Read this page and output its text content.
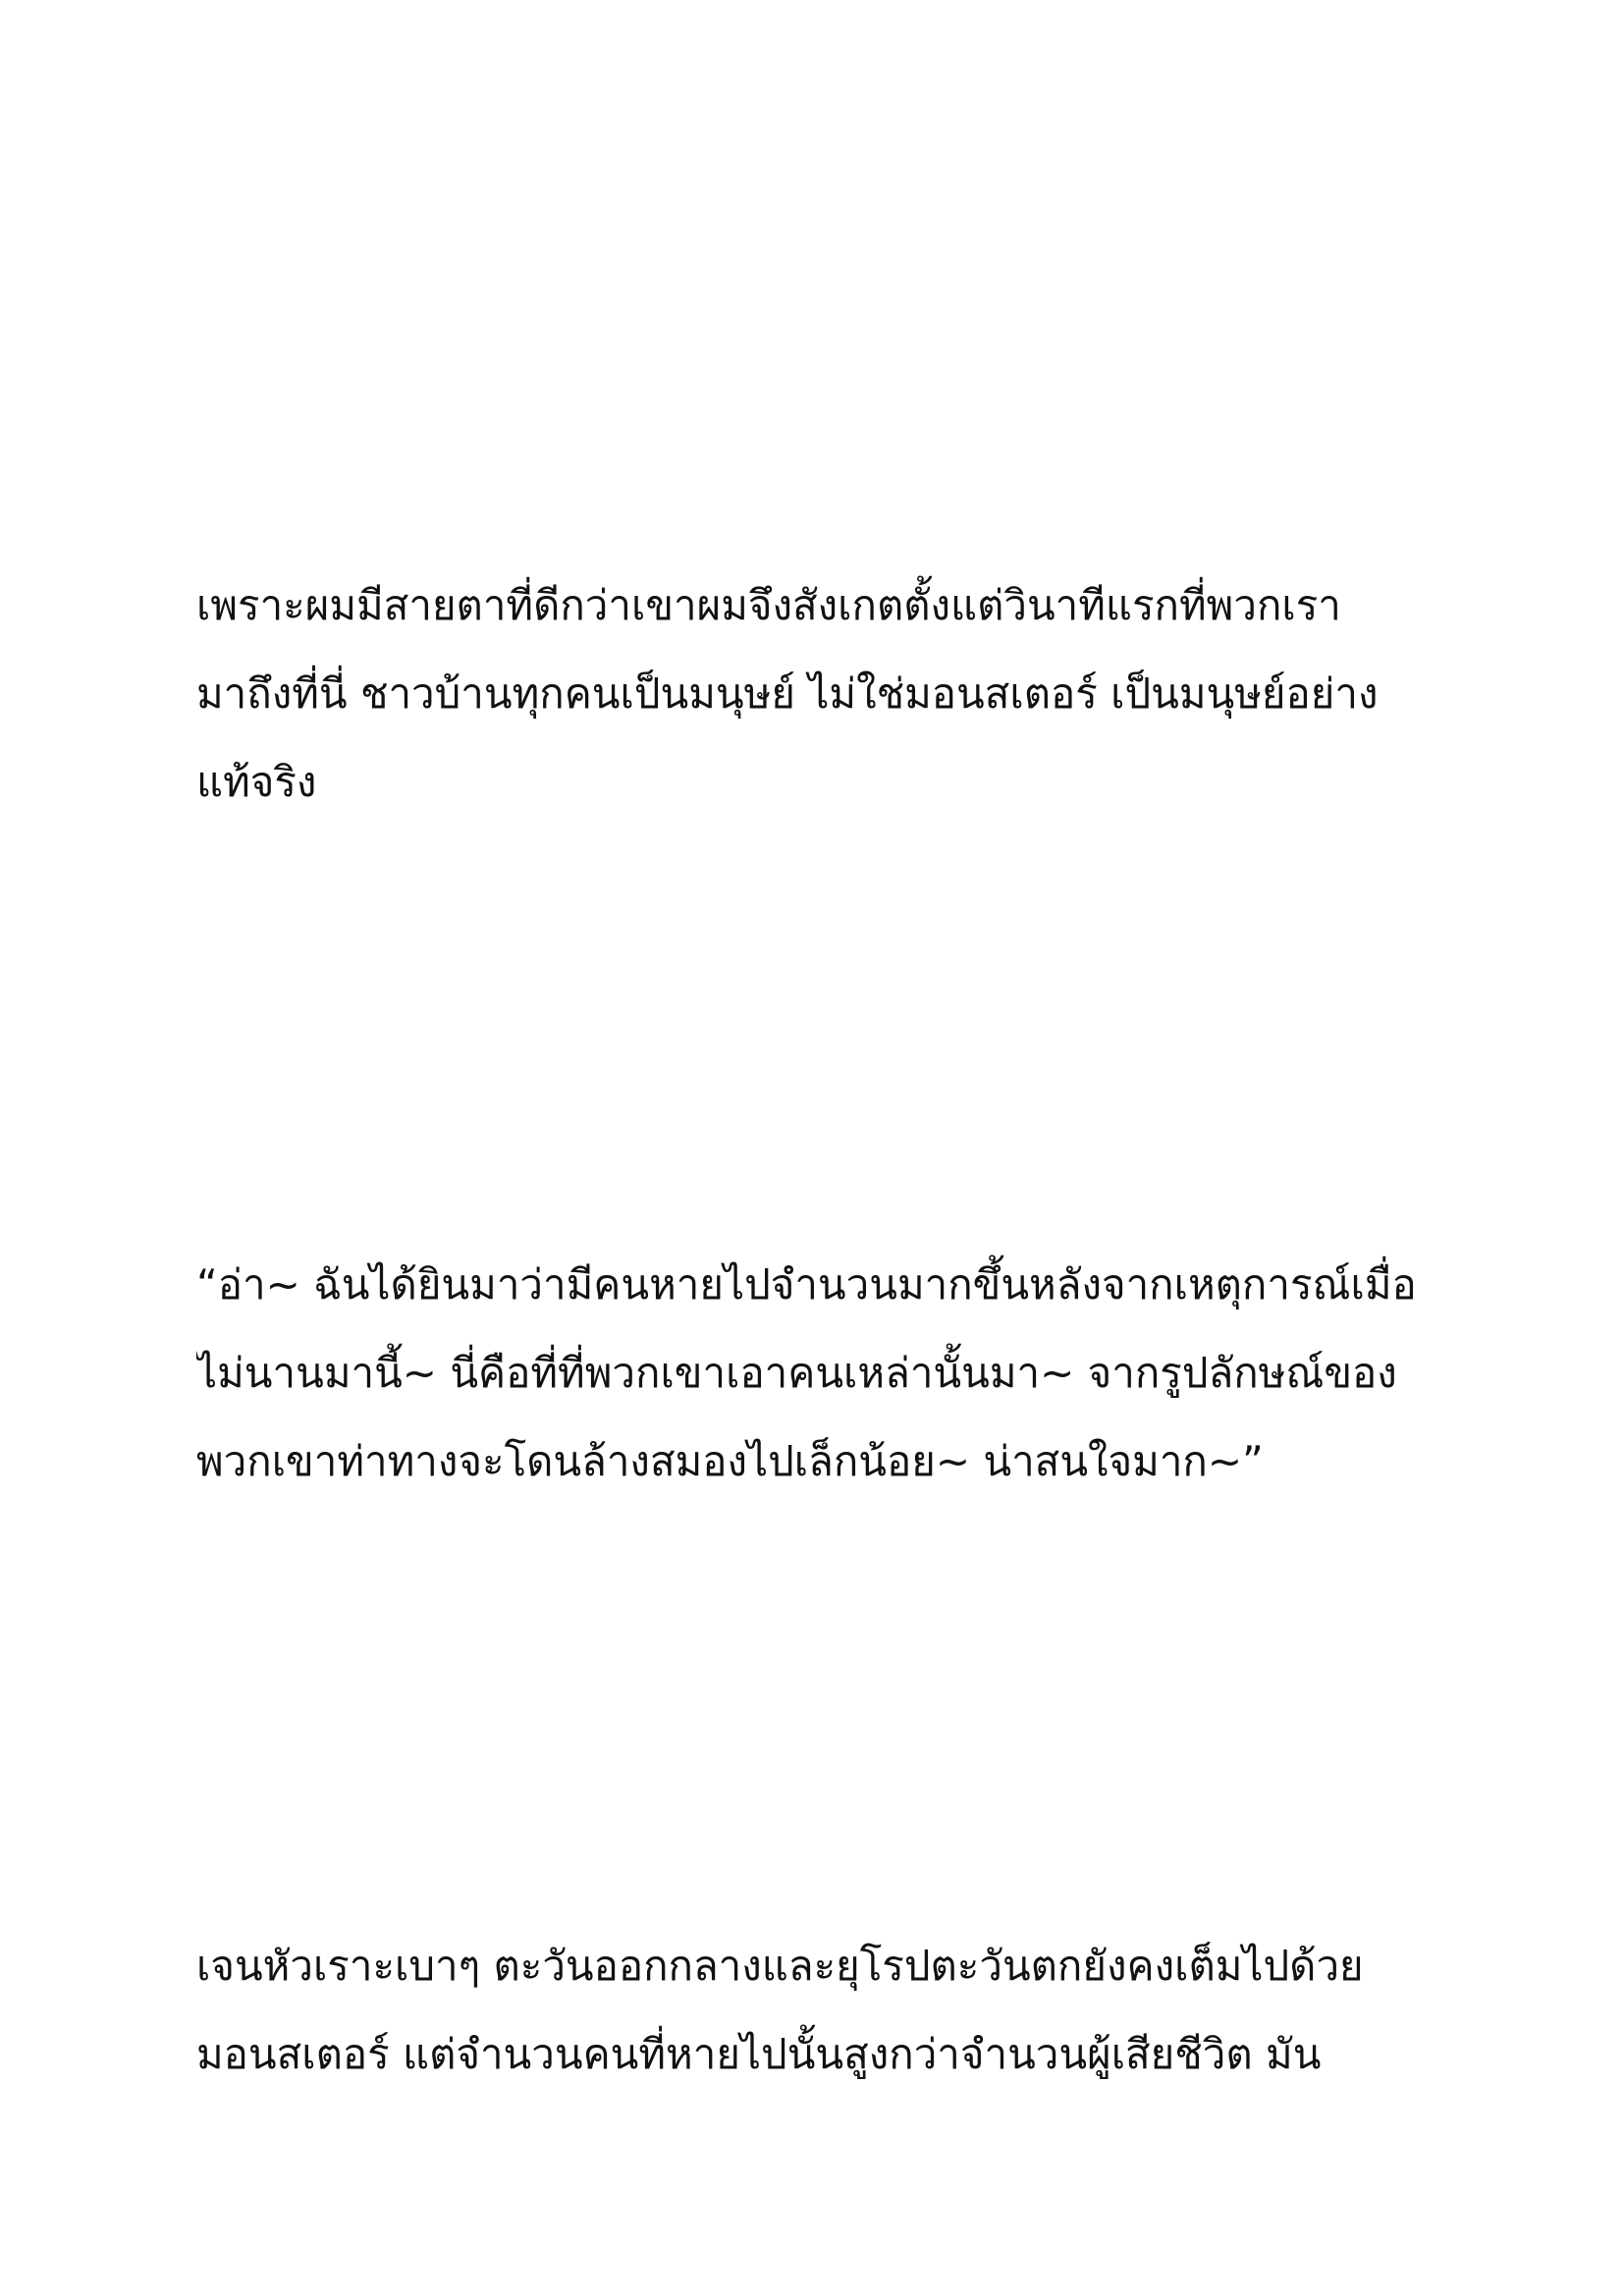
เพราะผมมีสายตาที่ดีกว่าเขาผมจึงสังเกตตั้งแต่วินาทีแรกที่พวกเรา
มาถึงที่นี่ ชาวบ้านทุกคนเป็นมนุษย์ ไม่ใช่มอนสเตอร์ เป็นมนุษย์อย่าง
แท้จริง
“อ่า~ ฉันได้ยินมาว่ามีคนหายไปจำนวนมากขึ้นหลังจากเหตุการณ์เมื่อ
ไม่นานมานี้~ นี่คือที่ที่พวกเขาเอาคนเหล่านั้นมา~ จากรูปลักษณ์ของ
พวกเขาท่าทางจะโดนล้างสมองไปเล็กน้อย~ น่าสนใจมาก~”
เจนหัวเราะเบาๆ ตะวันออกกลางและยุโรปตะวันตกยังคงเต็มไปด้วย
มอนสเตอร์ แต่จำนวนคนที่หายไปนั้นสูงกว่าจำนวนผู้เสียชีวิต มัน
